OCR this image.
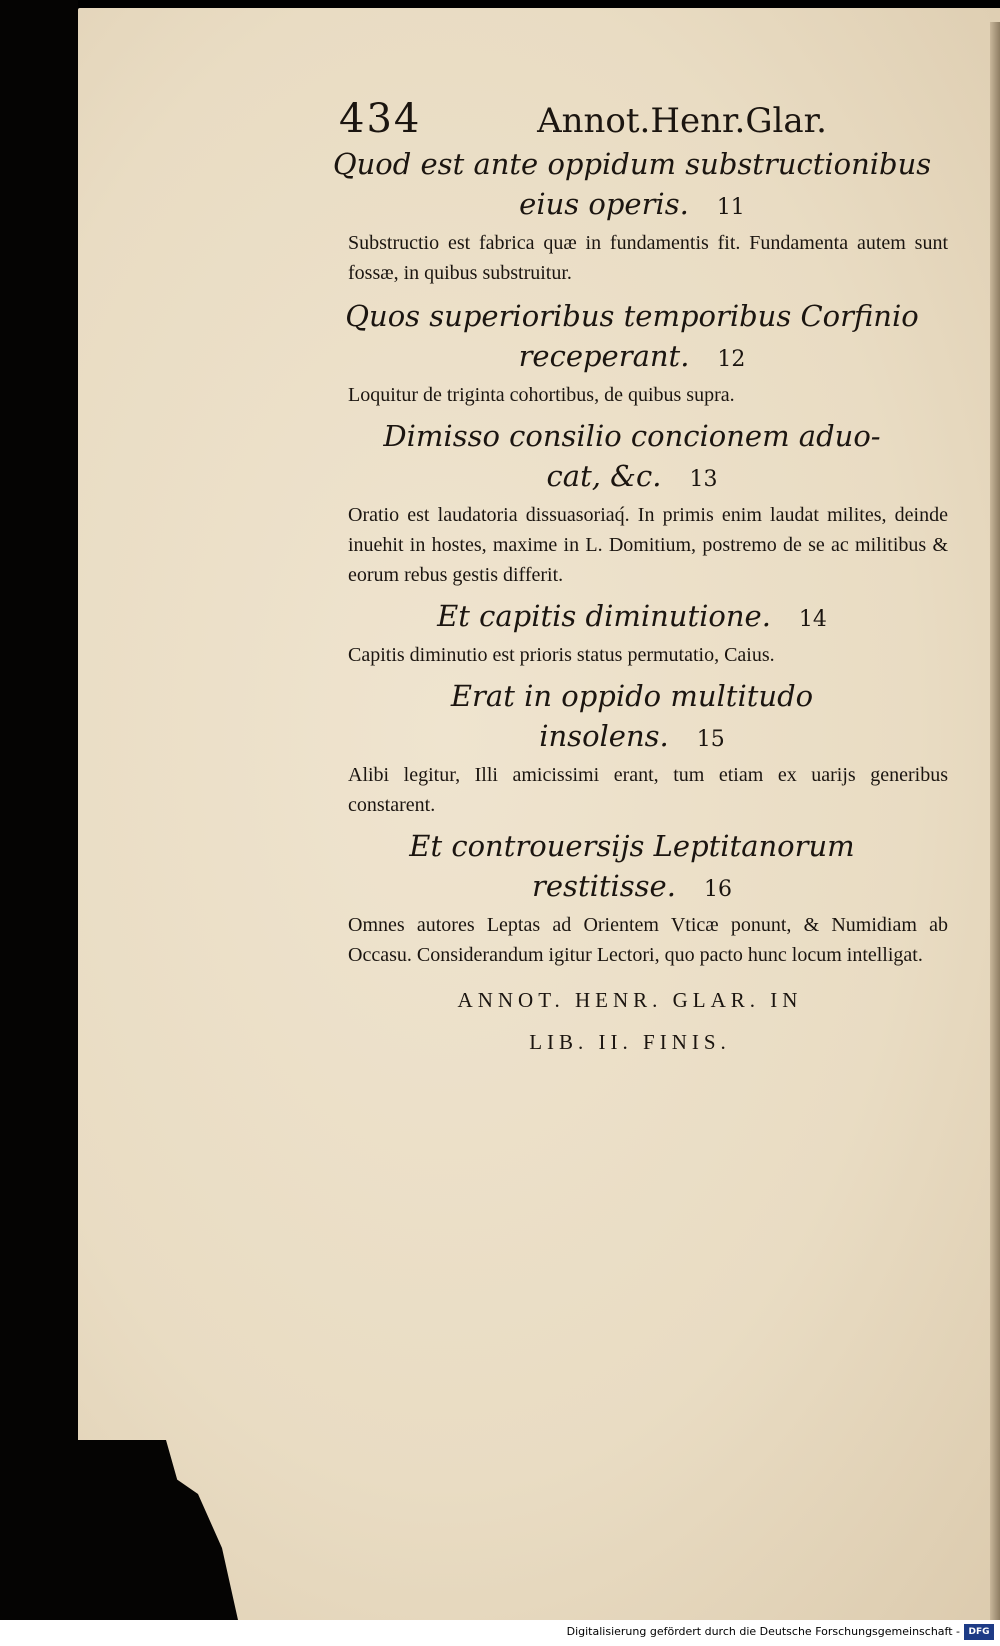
434	Annot.Henr.Glar.
Quod est ante oppidum substructionibus
eius operis. 11
Substructio est fabrica quæ in fundamentis fit. Fundamenta autem sunt fossæ, in quibus substruitur.
Quos superioribus temporibus Corfinio
receperant. 12
Loquitur de triginta cohortibus, de quibus supra.
Dimisso consilio concionem aduo-
cat, &c. 13
Oratio est laudatoria dissuasoriaq́. In primis enim laudat milites, deinde inuehit in hostes, maxime in L. Domitium, postremo de se ac militibus & eorum rebus gestis differit.
Et capitis diminutione. 14
Capitis diminutio est prioris status permutatio, Caius.
Erat in oppido multitudo
insolens. 15
Alibi legitur, Illi amicissimi erant, tum etiam ex uarijs generibus constarent.
Et controuersijs Leptitanorum
restitisse. 16
Omnes autores Leptas ad Orientem Vticæ ponunt, & Numidiam ab Occasu. Considerandum igitur Lectori, quo pacto hunc locum intelligat.
ANNOT. HENR. GLAR. IN
LIB. II. FINIS.
Digitalisierung gefördert durch die Deutsche Forschungsgemeinschaft - DFG
